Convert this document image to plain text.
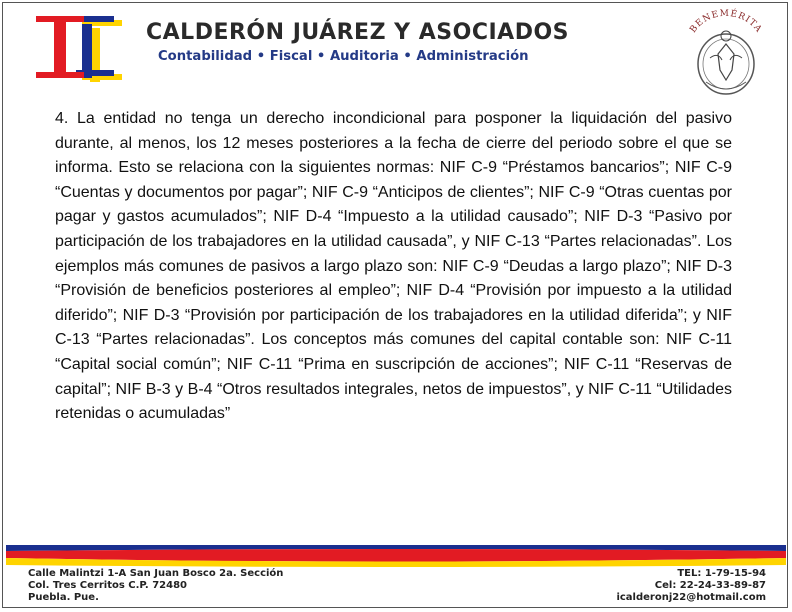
CALDERÓN JUÁREZ Y ASOCIADOS
Contabilidad • Fiscal • Auditoria • Administración
BENEMÉRITA

4. La entidad no tenga un derecho incondicional para posponer la liquidación del pasivo durante, al menos, los 12 meses posteriores a la fecha de cierre del periodo sobre el que se informa. Esto se relaciona con la siguientes normas: NIF C-9 “Préstamos bancarios”; NIF C-9 “Cuentas y documentos por pagar”; NIF C-9 “Anticipos de clientes”; NIF C-9 “Otras cuentas por pagar y gastos acumulados”; NIF D-4 “Impuesto a la utilidad causado”; NIF D-3 “Pasivo por participación de los trabajadores en la utilidad causada”, y NIF C-13 “Partes relacionadas”. Los ejemplos más comunes de pasivos a largo plazo son: NIF C-9 “Deudas a largo plazo”; NIF D-3 “Provisión de beneficios posteriores al empleo”; NIF D-4 “Provisión por impuesto a la utilidad diferido”; NIF D-3 “Provisión por participación de los trabajadores en la utilidad diferida”; y NIF C-13 “Partes relacionadas”. Los conceptos más comunes del capital contable son: NIF C-11 “Capital social común”; NIF C-11 “Prima en suscripción de acciones”; NIF C-11 “Reservas de capital”; NIF B-3 y B-4 “Otros resultados integrales, netos de impuestos”, y NIF C-11 “Utilidades retenidas o acumuladas”

Calle Malintzi 1-A San Juan Bosco 2a. Sección
Col. Tres Cerritos C.P. 72480
Puebla. Pue.
TEL: 1-79-15-94
Cel: 22-24-33-89-87
icalderonj22@hotmail.com
